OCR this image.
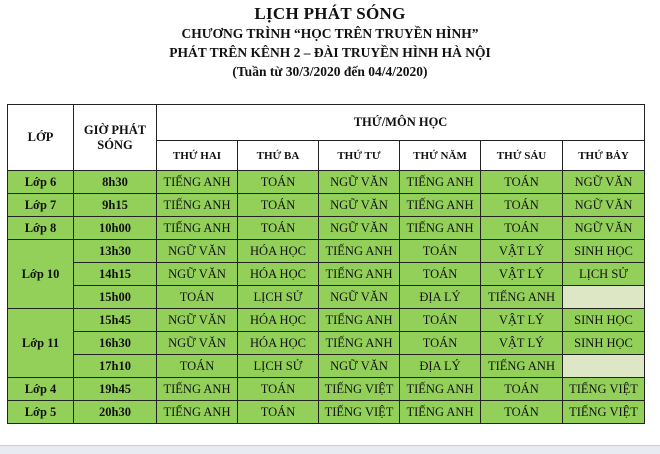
LỊCH PHÁT SÓNG
CHƯƠNG TRÌNH “HỌC TRÊN TRUYỀN HÌNH”
PHÁT TRÊN KÊNH 2 – ĐÀI TRUYỀN HÌNH HÀ NỘI
(Tuần từ 30/3/2020 đến 04/4/2020)
LỚP	GIỜ PHÁT SÓNG	THỨ/MÔN HỌC					
		THỨ HAI	THỨ BA	THỨ TƯ	THỨ NĂM	THỨ SÁU	THỨ BẢY
Lớp 6	8h30	TIẾNG ANH	TOÁN	NGỮ VĂN	TIẾNG ANH	TOÁN	NGỮ VĂN
Lớp 7	9h15	TIẾNG ANH	TOÁN	NGỮ VĂN	TIẾNG ANH	TOÁN	NGỮ VĂN
Lớp 8	10h00	TIẾNG ANH	TOÁN	NGỮ VĂN	TIẾNG ANH	TOÁN	NGỮ VĂN
Lớp 10	13h30	NGỮ VĂN	HÓA HỌC	TIẾNG ANH	TOÁN	VẬT LÝ	SINH HỌC
	14h15	NGỮ VĂN	HÓA HỌC	TIẾNG ANH	TOÁN	VẬT LÝ	LỊCH SỬ
	15h00	TOÁN	LỊCH SỬ	NGỮ VĂN	ĐỊA LÝ	TIẾNG ANH	
Lớp 11	15h45	NGỮ VĂN	HÓA HỌC	TIẾNG ANH	TOÁN	VẬT LÝ	SINH HỌC
	16h30	NGỮ VĂN	HÓA HỌC	TIẾNG ANH	TOÁN	VẬT LÝ	SINH HỌC
	17h10	TOÁN	LỊCH SỬ	NGỮ VĂN	ĐỊA LÝ	TIẾNG ANH	
Lớp 4	19h45	TIẾNG ANH	TOÁN	TIẾNG VIỆT	TIẾNG ANH	TOÁN	TIẾNG VIỆT
Lớp 5	20h30	TIẾNG ANH	TOÁN	TIẾNG VIỆT	TIẾNG ANH	TOÁN	TIẾNG VIỆT
